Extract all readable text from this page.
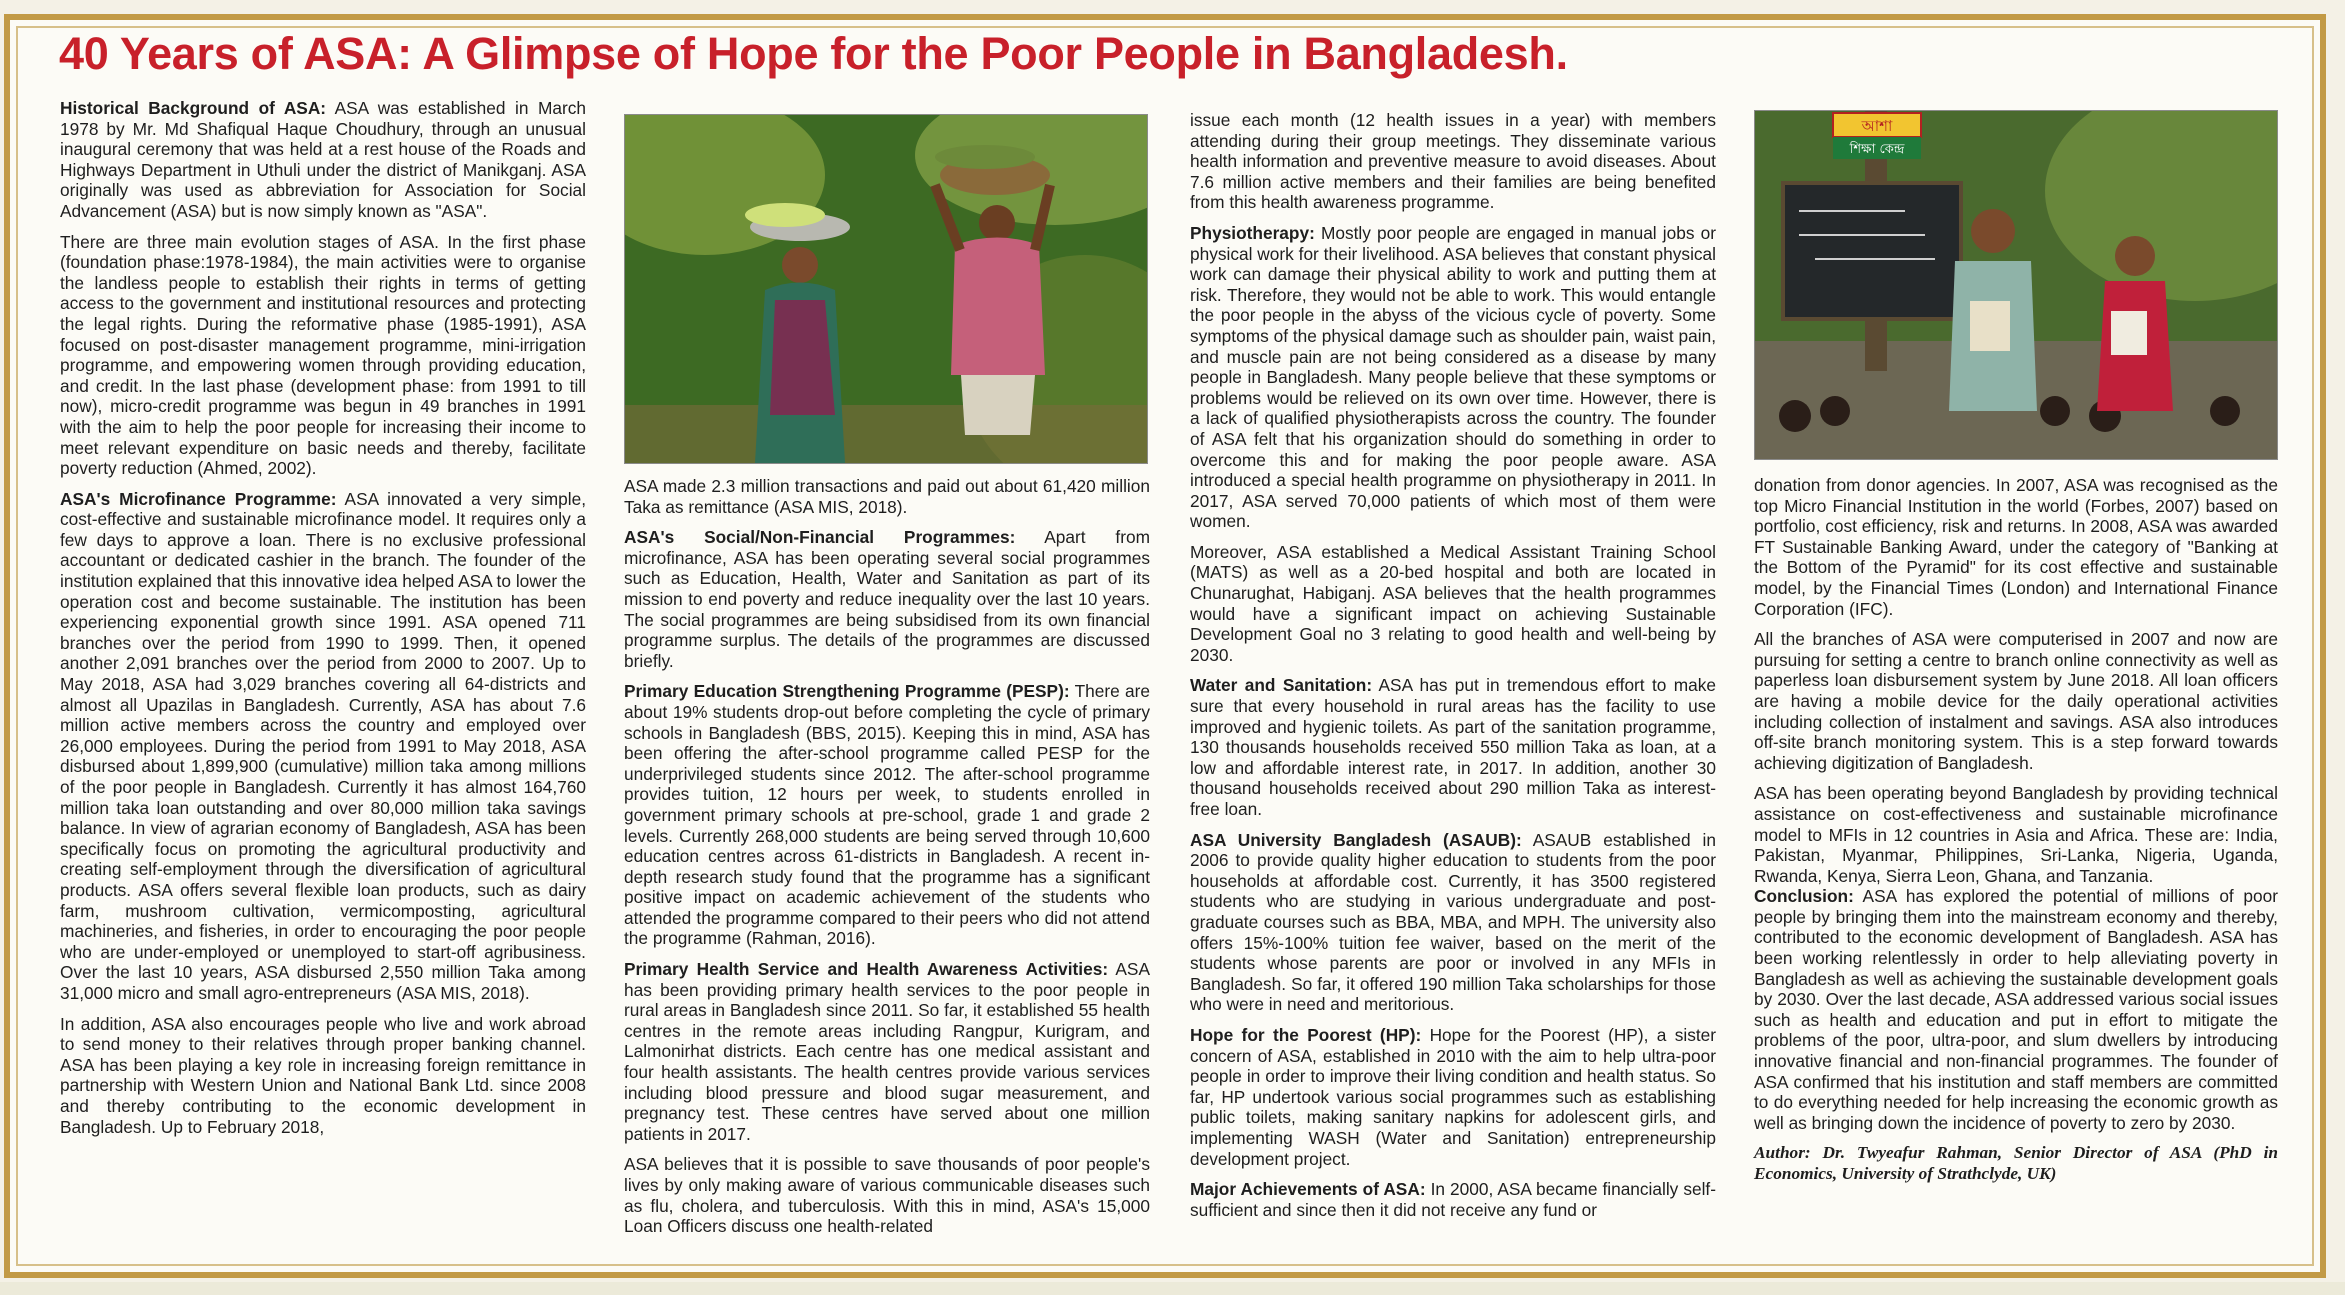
40 Years of ASA: A Glimpse of Hope for the Poor People in Bangladesh.

Historical Background of ASA: ASA was established in March 1978 by Mr. Md Shafiqual Haque Choudhury, through an unusual inaugural ceremony that was held at a rest house of the Roads and Highways Department in Uthuli under the district of Manikganj. ASA originally was used as abbreviation for Association for Social Advancement (ASA) but is now simply known as "ASA".

There are three main evolution stages of ASA. In the first phase (foundation phase:1978-1984), the main activities were to organise the landless people to establish their rights in terms of getting access to the government and institutional resources and protecting the legal rights. During the reformative phase (1985-1991), ASA focused on post-disaster management programme, mini-irrigation programme, and empowering women through providing education, and credit. In the last phase (development phase: from 1991 to till now), micro-credit programme was begun in 49 branches in 1991 with the aim to help the poor people for increasing their income to meet relevant expenditure on basic needs and thereby, facilitate poverty reduction (Ahmed, 2002).

ASA's Microfinance Programme: ASA innovated a very simple, cost-effective and sustainable microfinance model. It requires only a few days to approve a loan. There is no exclusive professional accountant or dedicated cashier in the branch. The founder of the institution explained that this innovative idea helped ASA to lower the operation cost and become sustainable. The institution has been experiencing exponential growth since 1991. ASA opened 711 branches over the period from 1990 to 1999. Then, it opened another 2,091 branches over the period from 2000 to 2007. Up to May 2018, ASA had 3,029 branches covering all 64-districts and almost all Upazilas in Bangladesh. Currently, ASA has about 7.6 million active members across the country and employed over 26,000 employees. During the period from 1991 to May 2018, ASA disbursed about 1,899,900 (cumulative) million taka among millions of the poor people in Bangladesh. Currently it has almost 164,760 million taka loan outstanding and over 80,000 million taka savings balance. In view of agrarian economy of Bangladesh, ASA has been specifically focus on promoting the agricultural productivity and creating self-employment through the diversification of agricultural products. ASA offers several flexible loan products, such as dairy farm, mushroom cultivation, vermicomposting, agricultural machineries, and fisheries, in order to encouraging the poor people who are under-employed or unemployed to start-off agribusiness. Over the last 10 years, ASA disbursed 2,550 million Taka among 31,000 micro and small agro-entrepreneurs (ASA MIS, 2018).

In addition, ASA also encourages people who live and work abroad to send money to their relatives through proper banking channel. ASA has been playing a key role in increasing foreign remittance in partnership with Western Union and National Bank Ltd. since 2008 and thereby contributing to the economic development in Bangladesh. Up to February 2018,

ASA made 2.3 million transactions and paid out about 61,420 million Taka as remittance (ASA MIS, 2018).

ASA's Social/Non-Financial Programmes: Apart from microfinance, ASA has been operating several social programmes such as Education, Health, Water and Sanitation as part of its mission to end poverty and reduce inequality over the last 10 years. The social programmes are being subsidised from its own financial programme surplus. The details of the programmes are discussed briefly.

Primary Education Strengthening Programme (PESP): There are about 19% students drop-out before completing the cycle of primary schools in Bangladesh (BBS, 2015). Keeping this in mind, ASA has been offering the after-school programme called PESP for the underprivileged students since 2012. The after-school programme provides tuition, 12 hours per week, to students enrolled in government primary schools at pre-school, grade 1 and grade 2 levels. Currently 268,000 students are being served through 10,600 education centres across 61-districts in Bangladesh. A recent in-depth research study found that the programme has a significant positive impact on academic achievement of the students who attended the programme compared to their peers who did not attend the programme (Rahman, 2016).

Primary Health Service and Health Awareness Activities: ASA has been providing primary health services to the poor people in rural areas in Bangladesh since 2011. So far, it established 55 health centres in the remote areas including Rangpur, Kurigram, and Lalmonirhat districts. Each centre has one medical assistant and four health assistants. The health centres provide various services including blood pressure and blood sugar measurement, and pregnancy test. These centres have served about one million patients in 2017.

ASA believes that it is possible to save thousands of poor people's lives by only making aware of various communicable diseases such as flu, cholera, and tuberculosis. With this in mind, ASA's 15,000 Loan Officers discuss one health-related

issue each month (12 health issues in a year) with members attending during their group meetings. They disseminate various health information and preventive measure to avoid diseases. About 7.6 million active members and their families are being benefited from this health awareness programme.

Physiotherapy: Mostly poor people are engaged in manual jobs or physical work for their livelihood. ASA believes that constant physical work can damage their physical ability to work and putting them at risk. Therefore, they would not be able to work. This would entangle the poor people in the abyss of the vicious cycle of poverty. Some symptoms of the physical damage such as shoulder pain, waist pain, and muscle pain are not being considered as a disease by many people in Bangladesh. Many people believe that these symptoms or problems would be relieved on its own over time. However, there is a lack of qualified physiotherapists across the country. The founder of ASA felt that his organization should do something in order to overcome this and for making the poor people aware. ASA introduced a special health programme on physiotherapy in 2011. In 2017, ASA served 70,000 patients of which most of them were women.

Moreover, ASA established a Medical Assistant Training School (MATS) as well as a 20-bed hospital and both are located in Chunarughat, Habiganj. ASA believes that the health programmes would have a significant impact on achieving Sustainable Development Goal no 3 relating to good health and well-being by 2030.

Water and Sanitation: ASA has put in tremendous effort to make sure that every household in rural areas has the facility to use improved and hygienic toilets. As part of the sanitation programme, 130 thousands households received 550 million Taka as loan, at a low and affordable interest rate, in 2017. In addition, another 30 thousand households received about 290 million Taka as interest-free loan.

ASA University Bangladesh (ASAUB): ASAUB established in 2006 to provide quality higher education to students from the poor households at affordable cost. Currently, it has 3500 registered students who are studying in various undergraduate and post-graduate courses such as BBA, MBA, and MPH. The university also offers 15%-100% tuition fee waiver, based on the merit of the students whose parents are poor or involved in any MFIs in Bangladesh. So far, it offered 190 million Taka scholarships for those who were in need and meritorious.

Hope for the Poorest (HP): Hope for the Poorest (HP), a sister concern of ASA, established in 2010 with the aim to help ultra-poor people in order to improve their living condition and health status. So far, HP undertook various social programmes such as establishing public toilets, making sanitary napkins for adolescent girls, and implementing WASH (Water and Sanitation) entrepreneurship development project.

Major Achievements of ASA: In 2000, ASA became financially self-sufficient and since then it did not receive any fund or

আশা
শিক্ষা কেন্দ্র

donation from donor agencies. In 2007, ASA was recognised as the top Micro Financial Institution in the world (Forbes, 2007) based on portfolio, cost efficiency, risk and returns. In 2008, ASA was awarded FT Sustainable Banking Award, under the category of "Banking at the Bottom of the Pyramid" for its cost effective and sustainable model, by the Financial Times (London) and International Finance Corporation (IFC).

All the branches of ASA were computerised in 2007 and now are pursuing for setting a centre to branch online connectivity as well as paperless loan disbursement system by June 2018. All loan officers are having a mobile device for the daily operational activities including collection of instalment and savings. ASA also introduces off-site branch monitoring system. This is a step forward towards achieving digitization of Bangladesh.

ASA has been operating beyond Bangladesh by providing technical assistance on cost-effectiveness and sustainable microfinance model to MFIs in 12 countries in Asia and Africa. These are: India, Pakistan, Myanmar, Philippines, Sri-Lanka, Nigeria, Uganda, Rwanda, Kenya, Sierra Leon, Ghana, and Tanzania.

Conclusion: ASA has explored the potential of millions of poor people by bringing them into the mainstream economy and thereby, contributed to the economic development of Bangladesh. ASA has been working relentlessly in order to help alleviating poverty in Bangladesh as well as achieving the sustainable development goals by 2030. Over the last decade, ASA addressed various social issues such as health and education and put in effort to mitigate the problems of the poor, ultra-poor, and slum dwellers by introducing innovative financial and non-financial programmes. The founder of ASA confirmed that his institution and staff members are committed to do everything needed for help increasing the economic growth as well as bringing down the incidence of poverty to zero by 2030.

Author: Dr. Twyeafur Rahman, Senior Director of ASA (PhD in Economics, University of Strathclyde, UK)
